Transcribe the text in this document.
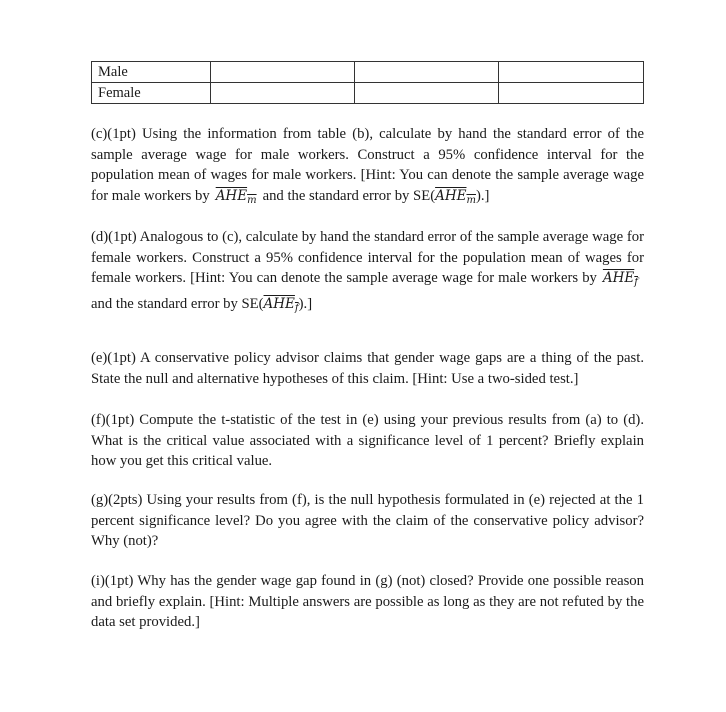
Male			
Female			

(c)(1pt) Using the information from table (b), calculate by hand the standard error of the sample average wage for male workers. Construct a 95% confidence interval for the population mean of wages for male workers. [Hint: You can denote the sample average wage for male workers by $AHE_m$ and the standard error by $SE(AHE_m)$.]

(d)(1pt) Analogous to (c), calculate by hand the standard error of the sample average wage for female workers. Construct a 95% confidence interval for the population mean of wages for female workers. [Hint: You can denote the sample average wage for male workers by $AHE_fand$ the standard error by $SE(AHE_f)$.]

(e)(1pt) A conservative policy advisor claims that gender wage gaps are a thing of the past. State the null and alternative hypotheses of this claim. [Hint: Use a two-sided test.]

(f)(1pt) Compute the t-statistic of the test in (e) using your previous results from (a) to (d). What is the critical value associated with a significance level of 1 percent? Briefly explain how you get this critical value.

(g)(2pts) Using your results from (f), is the null hypothesis formulated in (e) rejected at the 1 percent significance level? Do you agree with the claim of the conservative policy advisor? Why (not)?

(i)(1pt) Why has the gender wage gap found in (g) (not) closed? Provide one possible reason and briefly explain. [Hint: Multiple answers are possible as long as they are not refuted by the data set provided.]
